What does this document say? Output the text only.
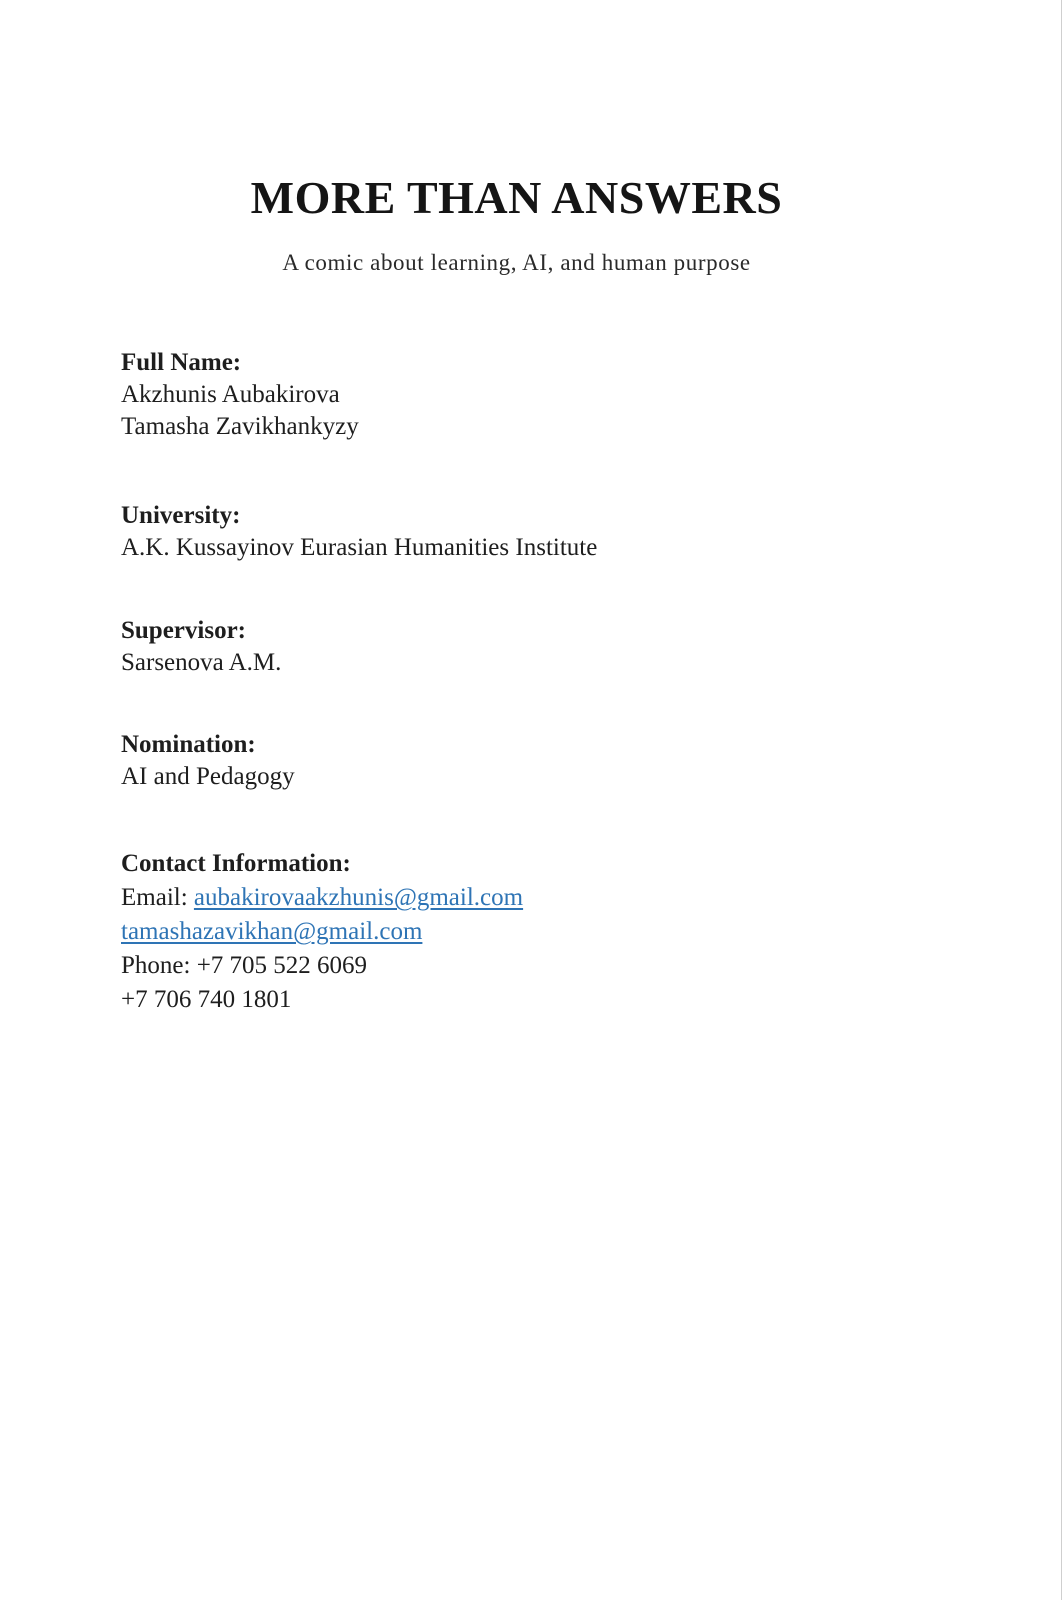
MORE THAN ANSWERS
A comic about learning, AI, and human purpose
Full Name:
Akzhunis Aubakirova
Tamasha Zavikhankyzy
University:
A.K. Kussayinov Eurasian Humanities Institute
Supervisor:
Sarsenova A.M.
Nomination:
AI and Pedagogy
Contact Information:
Email: aubakirovaakzhunis@gmail.com
tamashazavikhan@gmail.com
Phone: +7 705 522 6069
+7 706 740 1801
